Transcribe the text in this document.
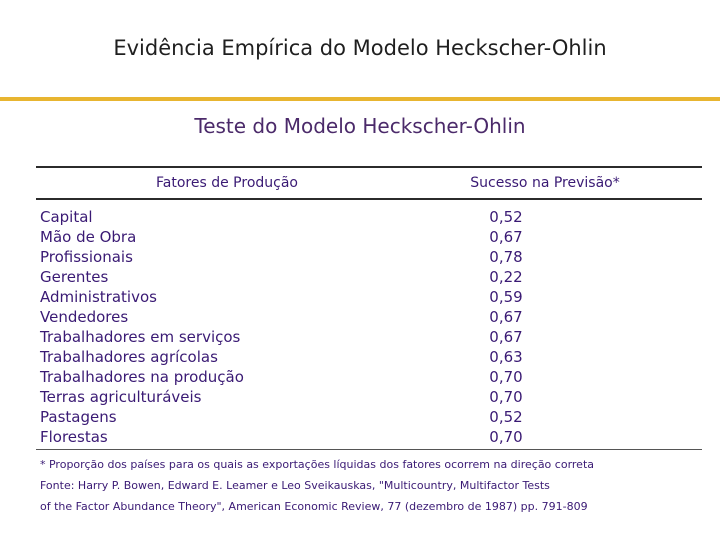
Evidência Empírica do Modelo Heckscher-Ohlin
Teste do Modelo Heckscher-Ohlin
Fatores de Produção	Sucesso na Previsão*
Capital	0,52
Mão de Obra	0,67
Profissionais	0,78
Gerentes	0,22
Administrativos	0,59
Vendedores	0,67
Trabalhadores em serviços	0,67
Trabalhadores agrícolas	0,63
Trabalhadores na produção	0,70
Terras agriculturáveis	0,70
Pastagens	0,52
Florestas	0,70
* Proporção dos países para os quais as exportações líquidas dos fatores ocorrem na direção correta
Fonte: Harry P. Bowen, Edward E. Leamer e Leo Sveikauskas, "Multicountry, Multifactor Tests
of the Factor Abundance Theory", American Economic Review, 77 (dezembro de 1987) pp. 791-809
